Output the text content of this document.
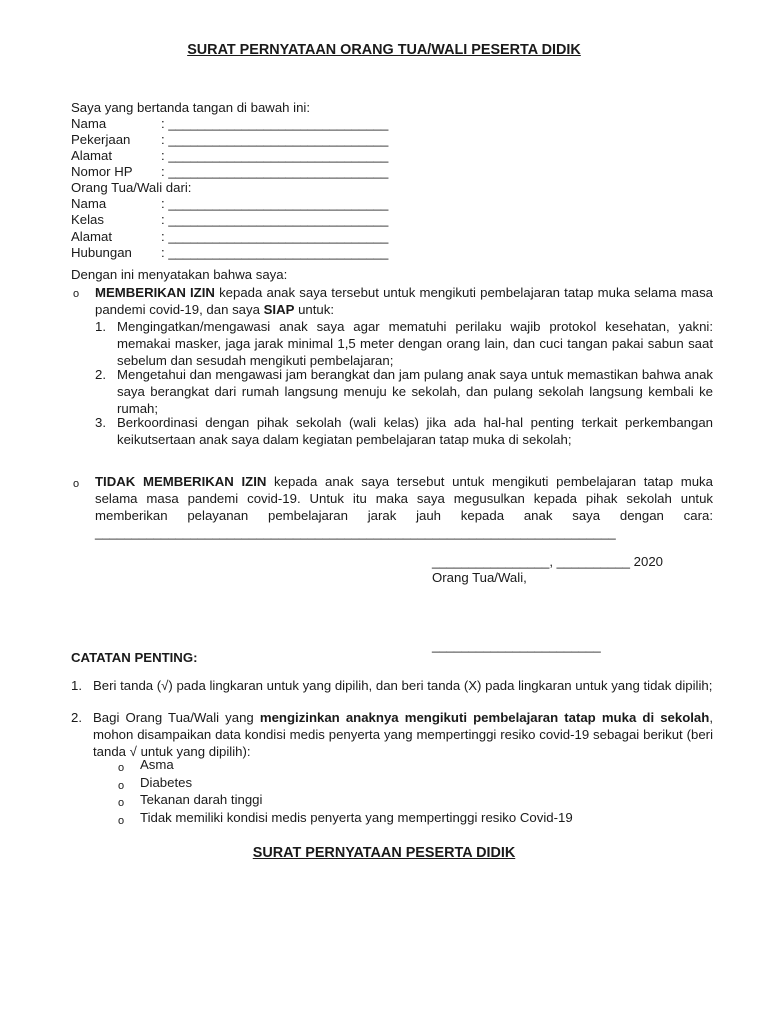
SURAT PERNYATAAN ORANG TUA/WALI PESERTA DIDIK
Saya yang bertanda tangan di bawah ini:
Nama	: ______________________________
Pekerjaan : ______________________________
Alamat	: ______________________________
Nomor HP : ______________________________
Orang Tua/Wali dari:
Nama	: ______________________________
Kelas	: ______________________________
Alamat	: ______________________________
Hubungan : ______________________________
Dengan ini menyatakan bahwa saya:
o MEMBERIKAN IZIN kepada anak saya tersebut untuk mengikuti pembelajaran tatap muka selama masa pandemi covid-19, dan saya SIAP untuk:
1. Mengingatkan/mengawasi anak saya agar mematuhi perilaku wajib protokol kesehatan, yakni: memakai masker, jaga jarak minimal 1,5 meter dengan orang lain, dan cuci tangan pakai sabun saat sebelum dan sesudah mengikuti pembelajaran;
2. Mengetahui dan mengawasi jam berangkat dan jam pulang anak saya untuk memastikan bahwa anak saya berangkat dari rumah langsung menuju ke sekolah, dan pulang sekolah langsung kembali ke rumah;
3. Berkoordinasi dengan pihak sekolah (wali kelas) jika ada hal-hal penting terkait perkembangan keikutsertaan anak saya dalam kegiatan pembelajaran tatap muka di sekolah;
o TIDAK MEMBERIKAN IZIN kepada anak saya tersebut untuk mengikuti pembelajaran tatap muka selama masa pandemi covid-19. Untuk itu maka saya megusulkan kepada pihak sekolah untuk memberikan pelayanan pembelajaran jarak jauh kepada anak saya dengan cara: _______________________________________________________________________
________________, __________ 2020
Orang Tua/Wali,
_______________________
CATATAN PENTING:
1. Beri tanda (√) pada lingkaran untuk yang dipilih, dan beri tanda (X) pada lingkaran untuk yang tidak dipilih;
2. Bagi Orang Tua/Wali yang mengizinkan anaknya mengikuti pembelajaran tatap muka di sekolah, mohon disampaikan data kondisi medis penyerta yang mempertinggi resiko covid-19 sebagai berikut (beri tanda √ untuk yang dipilih):
o Asma
o Diabetes
o Tekanan darah tinggi
o Tidak memiliki kondisi medis penyerta yang mempertinggi resiko Covid-19
SURAT PERNYATAAN PESERTA DIDIK
